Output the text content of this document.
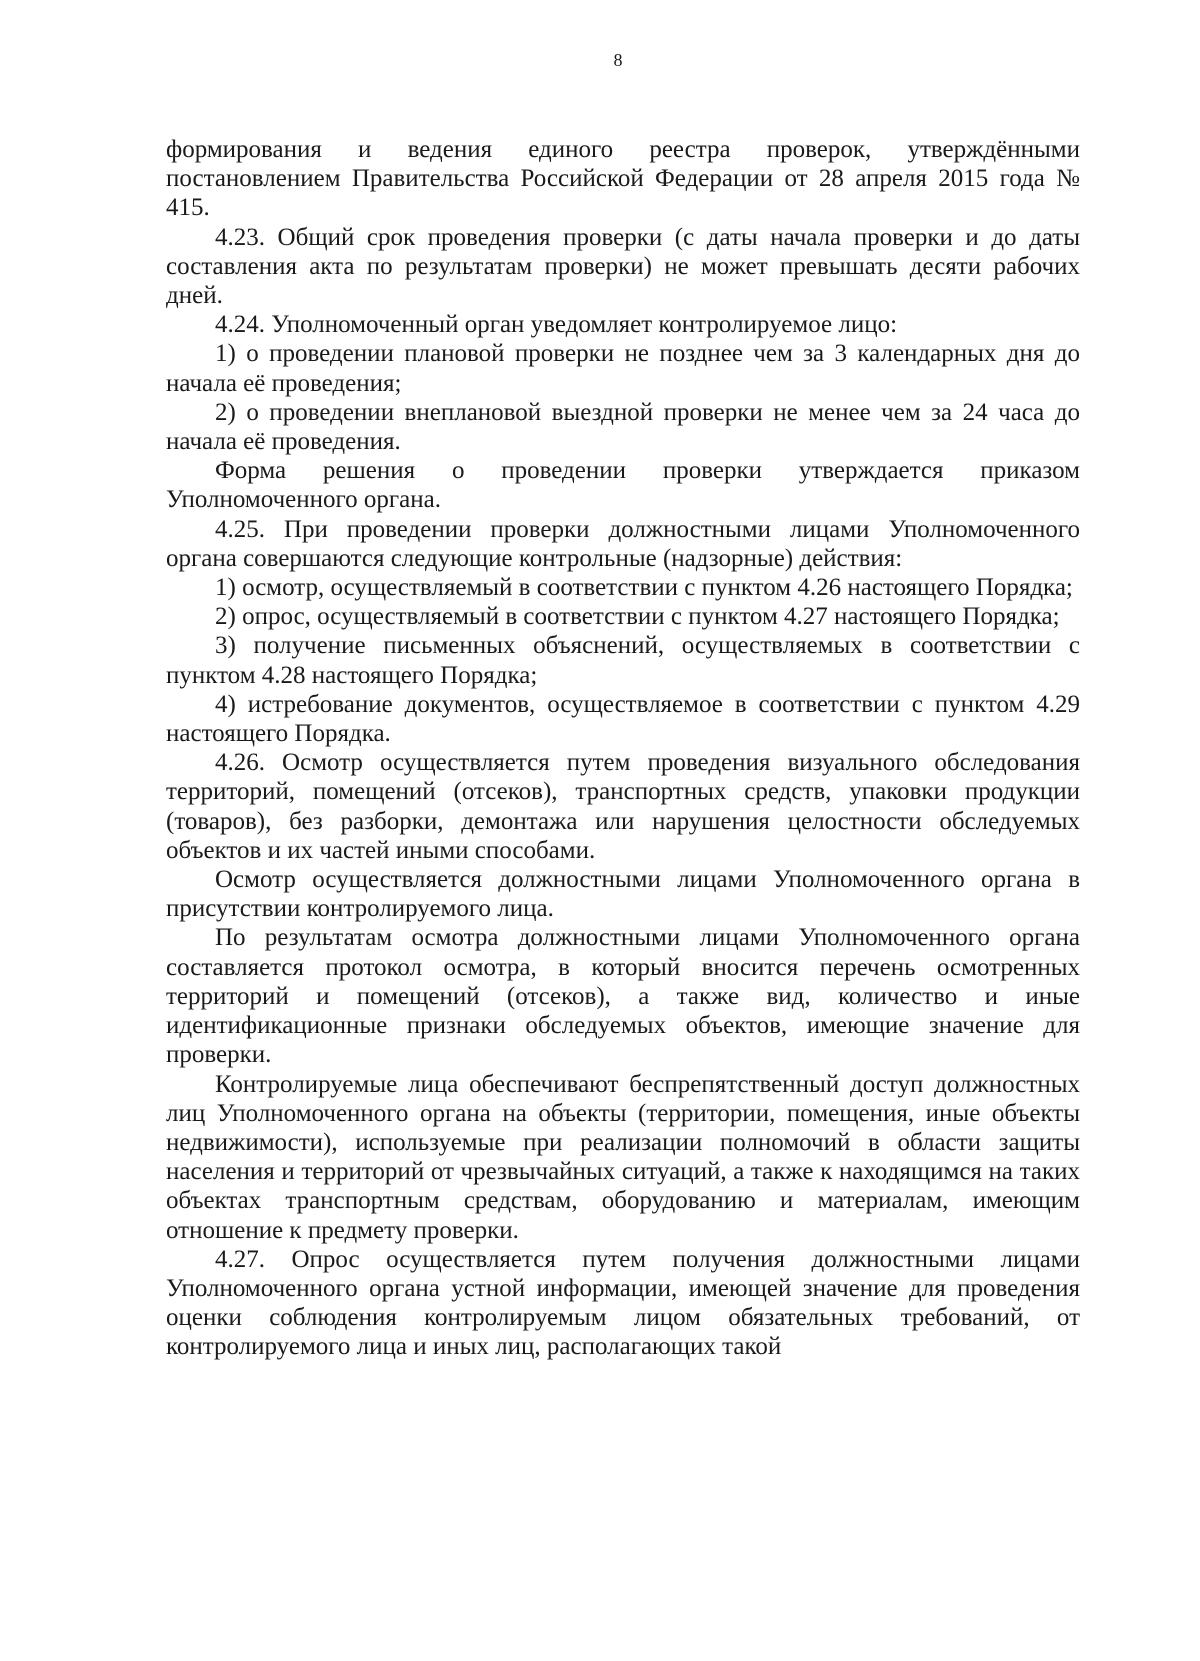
8

формирования и ведения единого реестра проверок, утверждёнными постановлением Правительства Российской Федерации от 28 апреля 2015 года № 415.

4.23. Общий срок проведения проверки (с даты начала проверки и до даты составления акта по результатам проверки) не может превышать десяти рабочих дней.

4.24. Уполномоченный орган уведомляет контролируемое лицо:

1) о проведении плановой проверки не позднее чем за 3 календарных дня до начала её проведения;

2) о проведении внеплановой выездной проверки не менее чем за 24 часа до начала её проведения.

Форма решения о проведении проверки утверждается приказом Уполномоченного органа.

4.25. При проведении проверки должностными лицами Уполномоченного органа совершаются следующие контрольные (надзорные) действия:

1) осмотр, осуществляемый в соответствии с пунктом 4.26 настоящего Порядка;

2) опрос, осуществляемый в соответствии с пунктом 4.27 настоящего Порядка;

3) получение письменных объяснений, осуществляемых в соответствии с пунктом 4.28 настоящего Порядка;

4) истребование документов, осуществляемое в соответствии с пунктом 4.29 настоящего Порядка.

4.26. Осмотр осуществляется путем проведения визуального обследования территорий, помещений (отсеков), транспортных средств, упаковки продукции (товаров), без разборки, демонтажа или нарушения целостности обследуемых объектов и их частей иными способами.

Осмотр осуществляется должностными лицами Уполномоченного органа в присутствии контролируемого лица.

По результатам осмотра должностными лицами Уполномоченного органа составляется протокол осмотра, в который вносится перечень осмотренных территорий и помещений (отсеков), а также вид, количество и иные идентификационные признаки обследуемых объектов, имеющие значение для проверки.

Контролируемые лица обеспечивают беспрепятственный доступ должностных лиц Уполномоченного органа на объекты (территории, помещения, иные объекты недвижимости), используемые при реализации полномочий в области защиты населения и территорий от чрезвычайных ситуаций, а также к находящимся на таких объектах транспортным средствам, оборудованию и материалам, имеющим отношение к предмету проверки.

4.27. Опрос осуществляется путем получения должностными лицами Уполномоченного органа устной информации, имеющей значение для проведения оценки соблюдения контролируемым лицом обязательных требований, от контролируемого лица и иных лиц, располагающих такой
